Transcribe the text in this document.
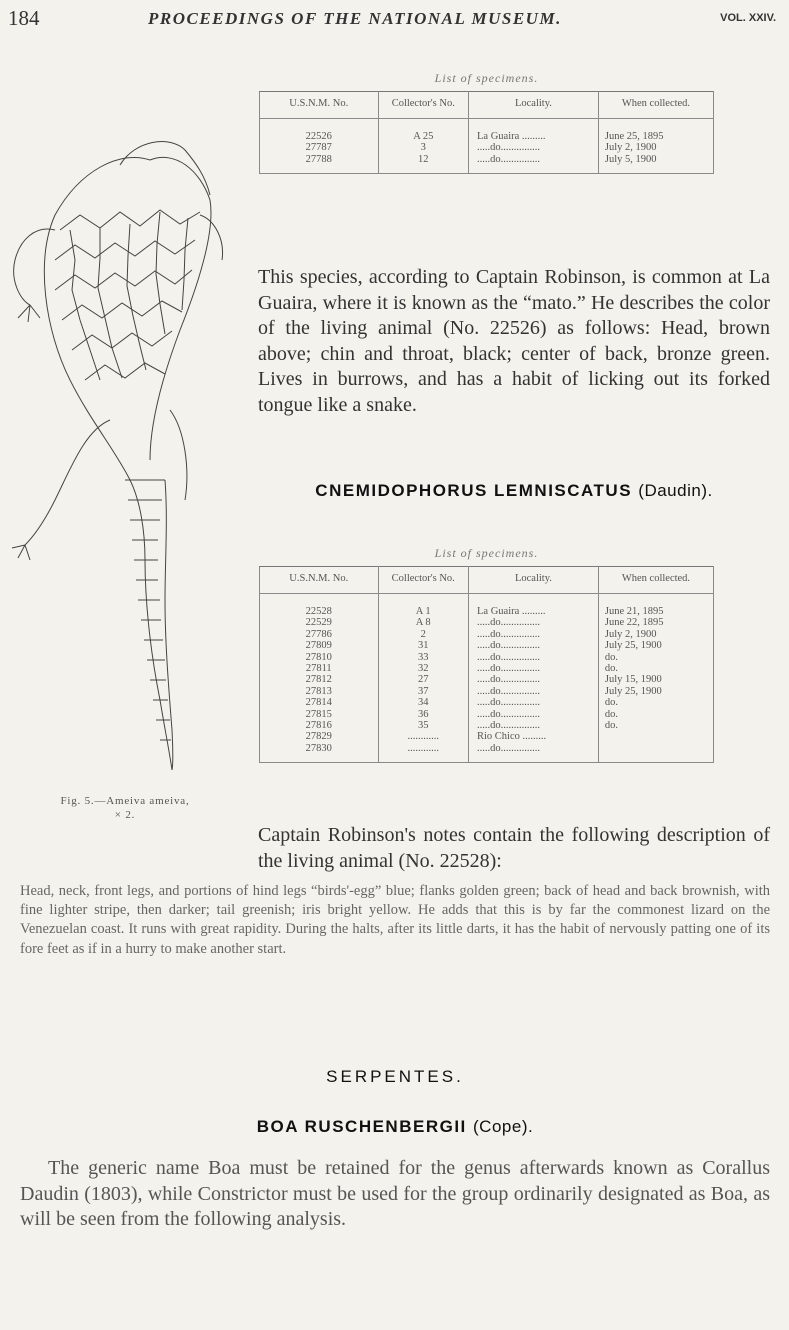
184	PROCEEDINGS OF THE NATIONAL MUSEUM.	VOL. XXIV.
Fig. 5.—Ameiva ameiva,
× 2.
List of specimens.
U.S.N.M. No.	Collector's No.	Locality.	When collected.
22526	A 25	La Guaira .........	June 25, 1895
27787	3	.....do...............	July 2, 1900
27788	12	.....do...............	July 5, 1900
This species, according to Captain Robinson, is common at La Guaira, where it is known as the “mato.” He describes the color of the living animal (No. 22526) as follows: Head, brown above; chin and throat, black; center of back, bronze green. Lives in burrows, and has a habit of licking out its forked tongue like a snake.
CNEMIDOPHORUS LEMNISCATUS (Daudin).
List of specimens.
U.S.N.M. No.	Collector's No.	Locality.	When collected.
22528	A 1	La Guaira .........	June 21, 1895
22529	A 8	.....do...............	June 22, 1895
27786	2	.....do...............	July 2, 1900
27809	31	.....do...............	July 25, 1900
27810	33	.....do...............	do.
27811	32	.....do...............	do.
27812	27	.....do...............	July 15, 1900
27813	37	.....do...............	July 25, 1900
27814	34	.....do...............	do.
27815	36	.....do...............	do.
27816	35	.....do...............	do.
27829	............	Rio Chico .........	
27830	............	.....do...............	
Captain Robinson's notes contain the following description of the living animal (No. 22528):
Head, neck, front legs, and portions of hind legs “birds'-egg” blue; flanks golden green; back of head and back brownish, with fine lighter stripe, then darker; tail greenish; iris bright yellow. He adds that this is by far the commonest lizard on the Venezuelan coast. It runs with great rapidity. During the halts, after its little darts, it has the habit of nervously patting one of its fore feet as if in a hurry to make another start.
SERPENTES.
BOA RUSCHENBERGII (Cope).
The generic name Boa must be retained for the genus afterwards known as Corallus Daudin (1803), while Constrictor must be used for the group ordinarily designated as Boa, as will be seen from the following analysis.
